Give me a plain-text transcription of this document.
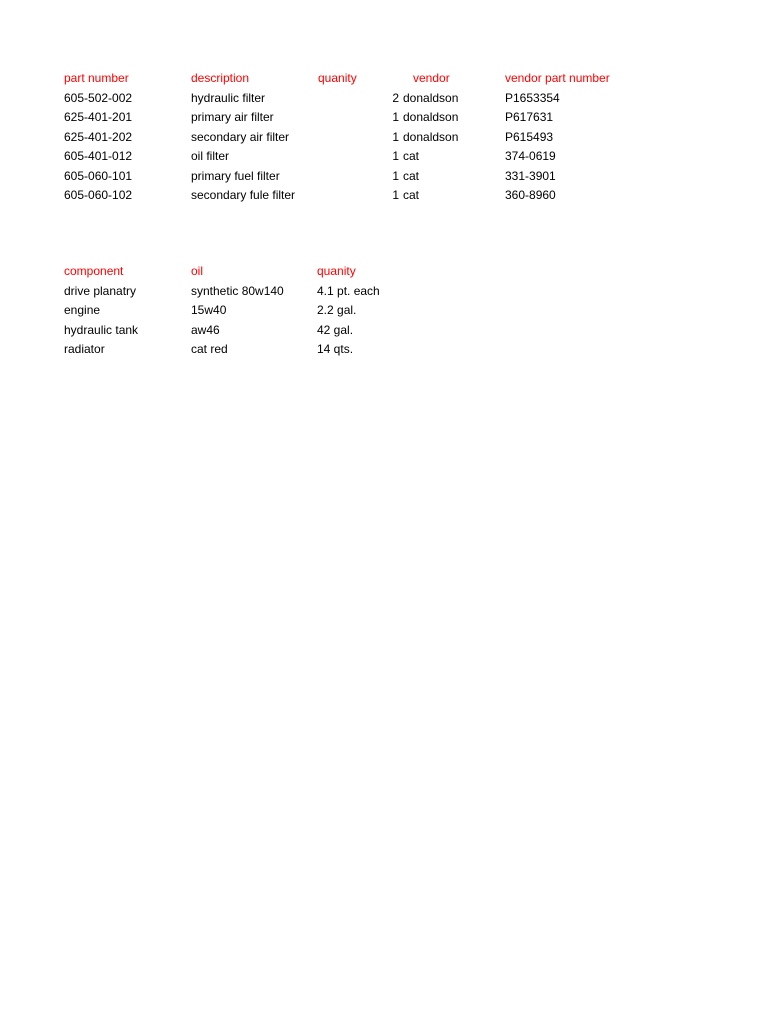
part number	description	quanity	vendor	vendor part number
605-502-002	hydraulic filter	2	donaldson	P1653354
625-401-201	primary air filter	1	donaldson	P617631
625-401-202	secondary air filter	1	donaldson	P615493
605-401-012	oil filter	1	cat	374-0619
605-060-101	primary fuel filter	1	cat	331-3901
605-060-102	secondary fule filter	1	cat	360-8960
component	oil	quanity
drive planatry	synthetic 80w140	4.1 pt. each
engine	15w40	2.2 gal.
hydraulic tank	aw46	42 gal.
radiator	cat red	14 qts.
